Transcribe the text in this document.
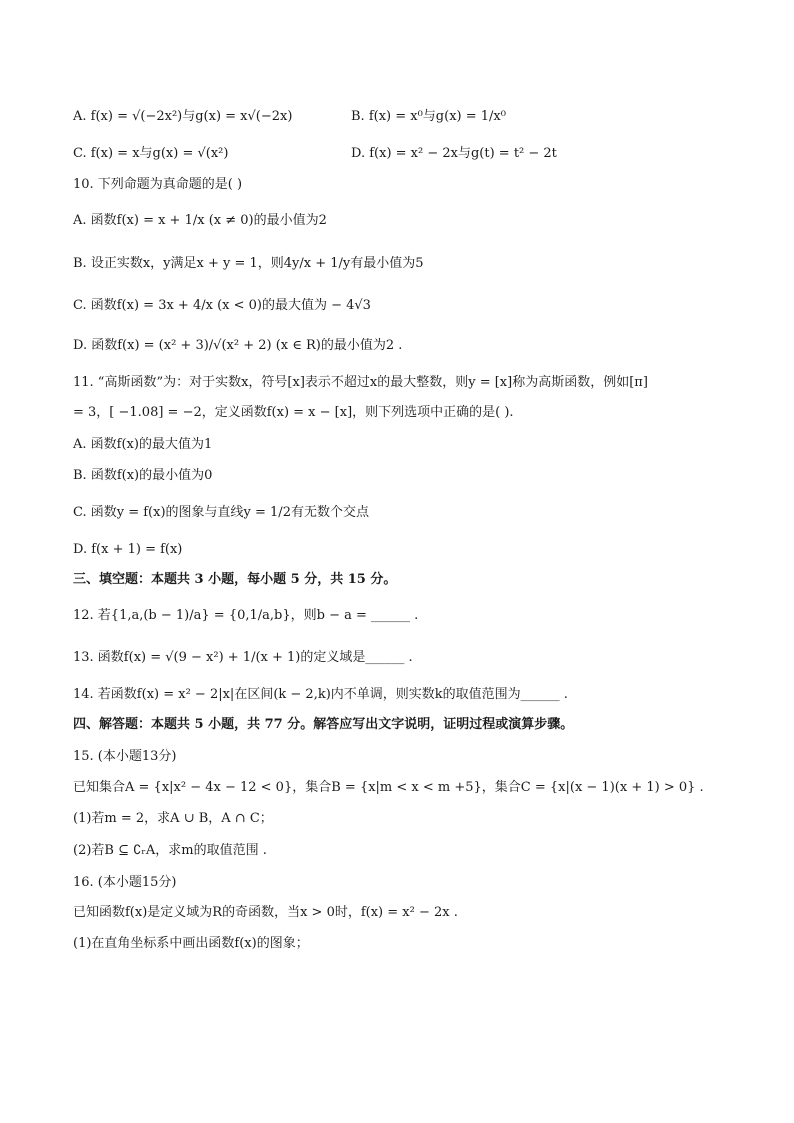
A. f(x) = √(−2x²)与g(x) = x√(−2x)	B. f(x) = x⁰与g(x) = 1/x⁰
C. f(x) = x与g(x) = √(x²)	D. f(x) = x² − 2x与g(t) = t² − 2t
10. 下列命题为真命题的是( )
A. 函数f(x) = x + 1/x (x ≠ 0)的最小值为2
B. 设正实数x，y满足x + y = 1，则4y/x + 1/y有最小值为5
C. 函数f(x) = 3x + 4/x (x < 0)的最大值为 − 4√3
D. 函数f(x) = (x² + 3)/√(x² + 2) (x ∈ R)的最小值为2 .
11. “高斯函数”为：对于实数x，符号[x]表示不超过x的最大整数，则y = [x]称为高斯函数，例如[π]
= 3，[ −1.08] = −2，定义函数f(x) = x − [x]，则下列选项中正确的是( ).
A. 函数f(x)的最大值为1
B. 函数f(x)的最小值为0
C. 函数y = f(x)的图象与直线y = 1/2有无数个交点
D. f(x + 1) = f(x)
三、填空题：本题共 3 小题，每小题 5 分，共 15 分。
12. 若{1,a,(b − 1)/a} = {0,1/a,b}，则b − a = ______ .
13. 函数f(x) = √(9 − x²) + 1/(x + 1)的定义域是______ .
14. 若函数f(x) = x² − 2|x|在区间(k − 2,k)内不单调，则实数k的取值范围为______ .
四、解答题：本题共 5 小题，共 77 分。解答应写出文字说明，证明过程或演算步骤。
15. (本小题13分)
已知集合A = {x|x² − 4x − 12 < 0}，集合B = {x|m < x < m +5}，集合C = {x|(x − 1)(x + 1) > 0} .
(1)若m = 2，求A ∪ B，A ∩ C；
(2)若B ⊆ ∁ᵣA，求m的取值范围 .
16. (本小题15分)
已知函数f(x)是定义域为R的奇函数，当x > 0时，f(x) = x² − 2x .
(1)在直角坐标系中画出函数f(x)的图象；
